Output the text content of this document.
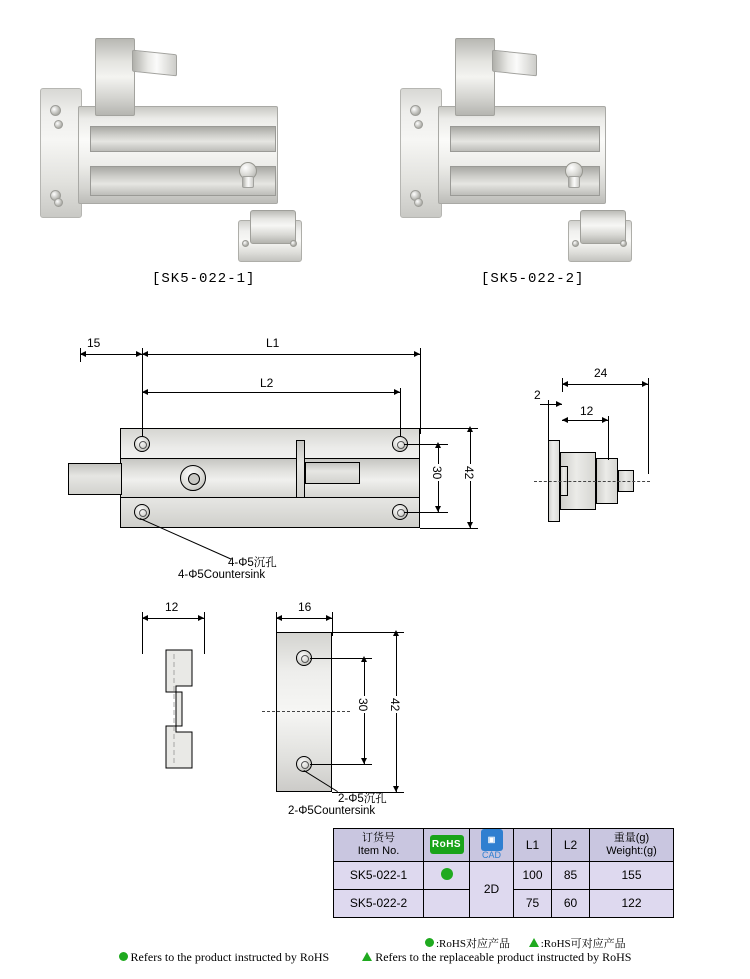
[SK5-022-1]	[SK5-022-2]
15	L1
L2
30 42
4-Φ5沉孔
4-Φ5Countersink
24
2
12
12	16
30 42
2-Φ5沉孔
2-Φ5Countersink
订货号
Item No.	RoHS	▣
CAD
	L1	L2	重量(g)
Weight:(g)

SK5-022-1		2D	100	85	155
SK5-022-2			75	60	122
:RoHS对应产品	:RoHS可对应产品
Refers to the product instructed by RoHS	Refers to the replaceable product instructed by RoHS
